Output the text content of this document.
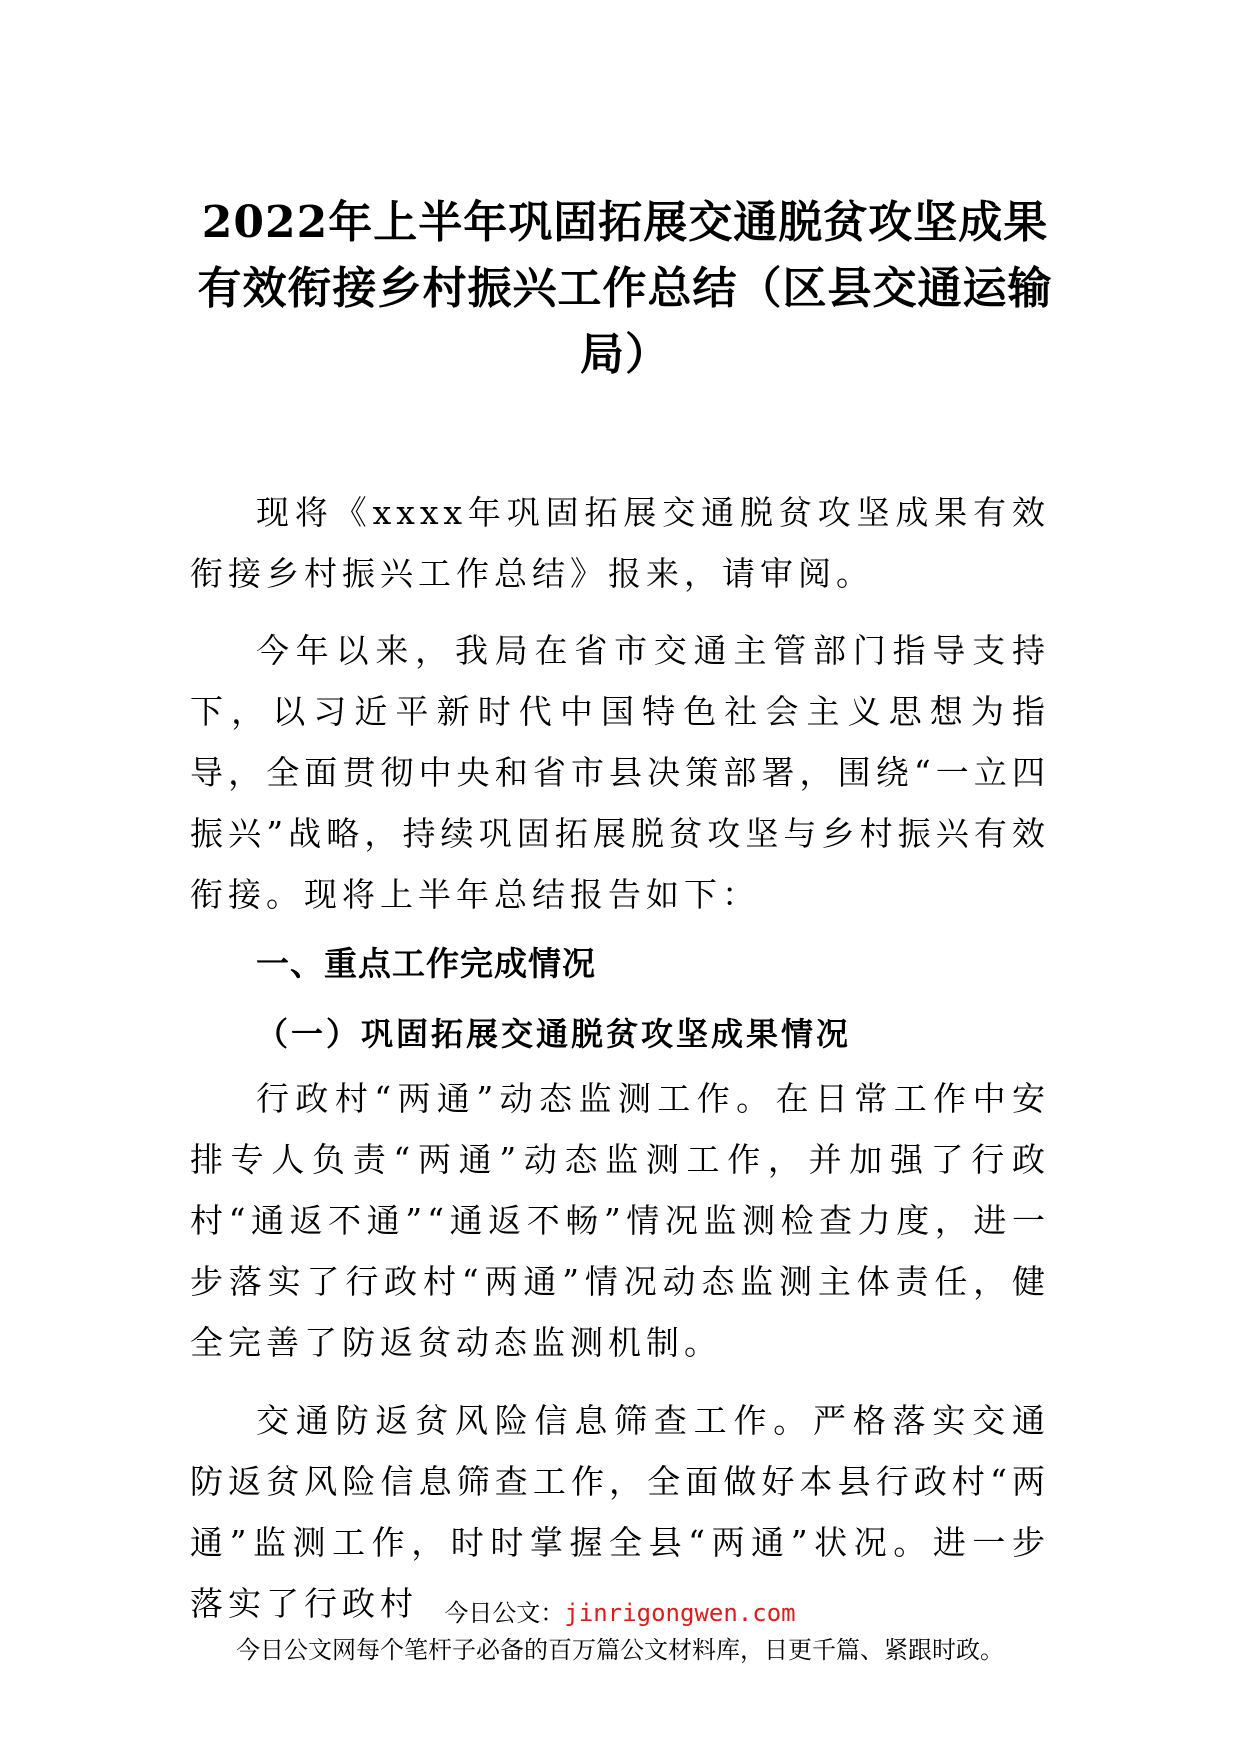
2022年上半年巩固拓展交通脱贫攻坚成果有效衔接乡村振兴工作总结（区县交通运输局）

现将《xxxx年巩固拓展交通脱贫攻坚成果有效衔接乡村振兴工作总结》报来，请审阅。

今年以来，我局在省市交通主管部门指导支持下，以习近平新时代中国特色社会主义思想为指导，全面贯彻中央和省市县决策部署，围绕“一立四振兴”战略，持续巩固拓展脱贫攻坚与乡村振兴有效衔接。现将上半年总结报告如下：

一、重点工作完成情况

（一）巩固拓展交通脱贫攻坚成果情况

行政村“两通”动态监测工作。在日常工作中安排专人负责“两通”动态监测工作，并加强了行政村“通返不通”“通返不畅”情况监测检查力度，进一步落实了行政村“两通”情况动态监测主体责任，健全完善了防返贫动态监测机制。

交通防返贫风险信息筛查工作。严格落实交通防返贫风险信息筛查工作，全面做好本县行政村“两通”监测工作，时时掌握全县“两通”状况。进一步落实了行政村	今日公文：jinrigongwen.com
今日公文网每个笔杆子必备的百万篇公文材料库，日更千篇、紧跟时政。
